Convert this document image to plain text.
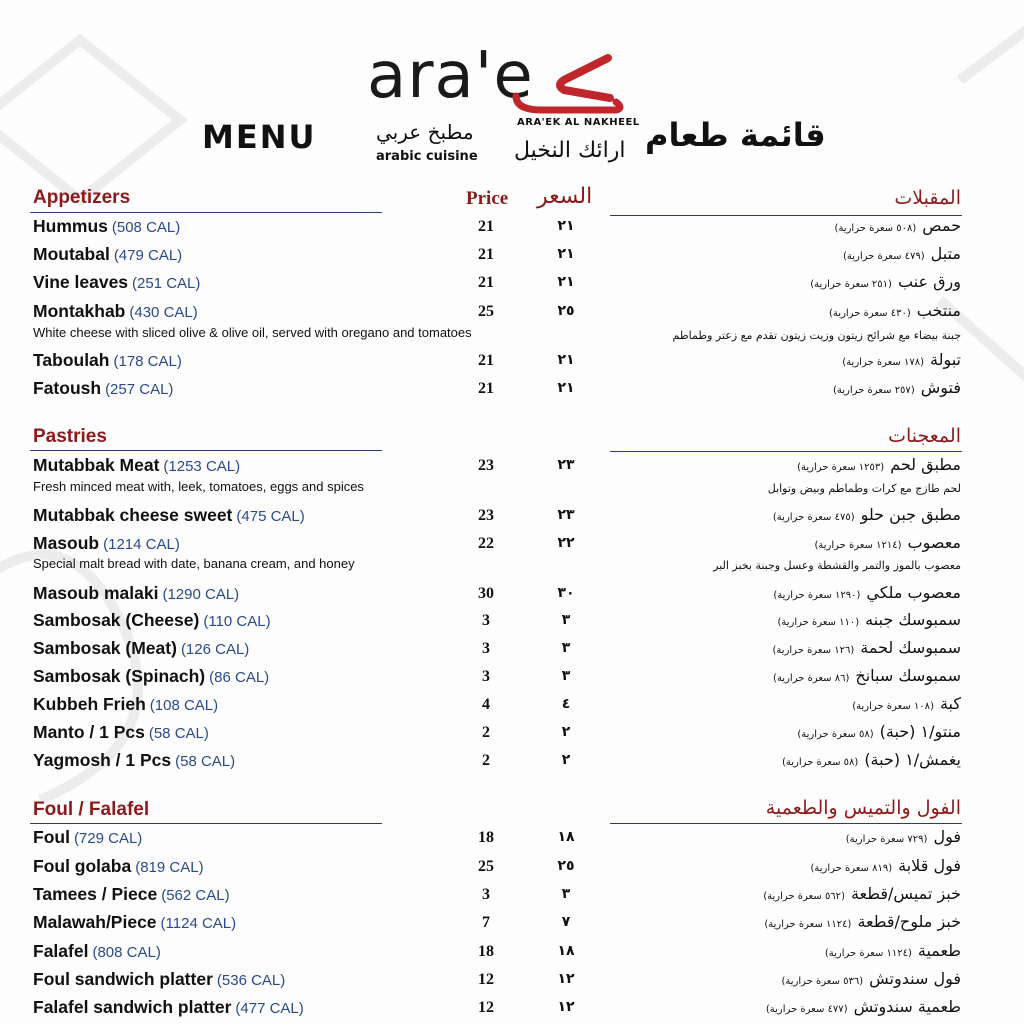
ara'e
ARA'EK AL NAKHEEL
ارائك النخيل
مطبخ عربي
arabic cuisine
MENU	قائمة طعام
Price السعر
Appetizers	المقبلات
Hummus (508 CAL)	21	٢١	حمص(٥٠٨ سعرة حرارية)
Moutabal (479 CAL)	21	٢١	متبل(٤٧٩ سعرة حرارية)
Vine leaves (251 CAL)	21	٢١	ورق عنب(٢٥١ سعرة حرارية)
Montakhab (430 CAL)	25	٢٥	منتخب(٤٣٠ سعرة حرارية)
White cheese with sliced olive & olive oil, served with oregano and tomatoes	جبنة بيضاء مع شرائح زيتون وزيت زيتون تقدم مع زعتر وطماطم
Taboulah (178 CAL)	21	٢١	تبولة(١٧٨ سعرة حرارية)
Fatoush (257 CAL)	21	٢١	فتوش(٢٥٧ سعرة حرارية)
Pastries	المعجنات
Mutabbak Meat (1253 CAL)	23	٢٣	مطبق لحم(١٢٥٣ سعرة حرارية)
Fresh minced meat with, leek, tomatoes, eggs and spices	لحم طازج مع كرات وطماطم وبيض وتوابل
Mutabbak cheese sweet (475 CAL)	23	٢٣	مطبق جبن حلو(٤٧٥ سعرة حرارية)
Masoub (1214 CAL)	22	٢٢	معصوب(١٢١٤ سعرة حرارية)
Special malt bread with date, banana cream, and honey	معصوب بالموز والتمر والقشطة وعسل وجبنة بخبز البر
Masoub malaki (1290 CAL)	30	٣٠	معصوب ملكي(١٢٩٠ سعرة حرارية)
Sambosak (Cheese) (110 CAL)	3	٣	سمبوسك جبنه(١١٠ سعرة حرارية)
Sambosak (Meat) (126 CAL)	3	٣	سمبوسك لحمة(١٢٦ سعرة حرارية)
Sambosak (Spinach) (86 CAL)	3	٣	سمبوسك سبانخ(٨٦ سعرة حرارية)
Kubbeh Frieh (108 CAL)	4	٤	كبة(١٠٨ سعرة حرارية)
Manto / 1 Pcs (58 CAL)	2	٢	منتو/١ (حبة)(٥٨ سعرة حرارية)
Yagmosh / 1 Pcs (58 CAL)	2	٢	يغمش/١ (حبة)(٥٨ سعرة حرارية)
Foul / Falafel	الفول والتميس والطعمية
Foul (729 CAL)	18	١٨	فول(٧٢٩ سعرة حرارية)
Foul golaba (819 CAL)	25	٢٥	فول قلابة(٨١٩ سعرة حرارية)
Tamees / Piece (562 CAL)	3	٣	خبز تميس/قطعة(٥٦٢ سعرة حرارية)
Malawah/Piece (1124 CAL)	7	٧	خبز ملوح/قطعة(١١٢٤ سعرة حرارية)
Falafel (808 CAL)	18	١٨	طعمية(١١٢٤ سعرة حرارية)
Foul sandwich platter (536 CAL)	12	١٢	فول سندوتش(٥٣٦ سعرة حرارية)
Falafel sandwich platter (477 CAL)	12	١٢	طعمية سندوتش(٤٧٧ سعرة حرارية)
